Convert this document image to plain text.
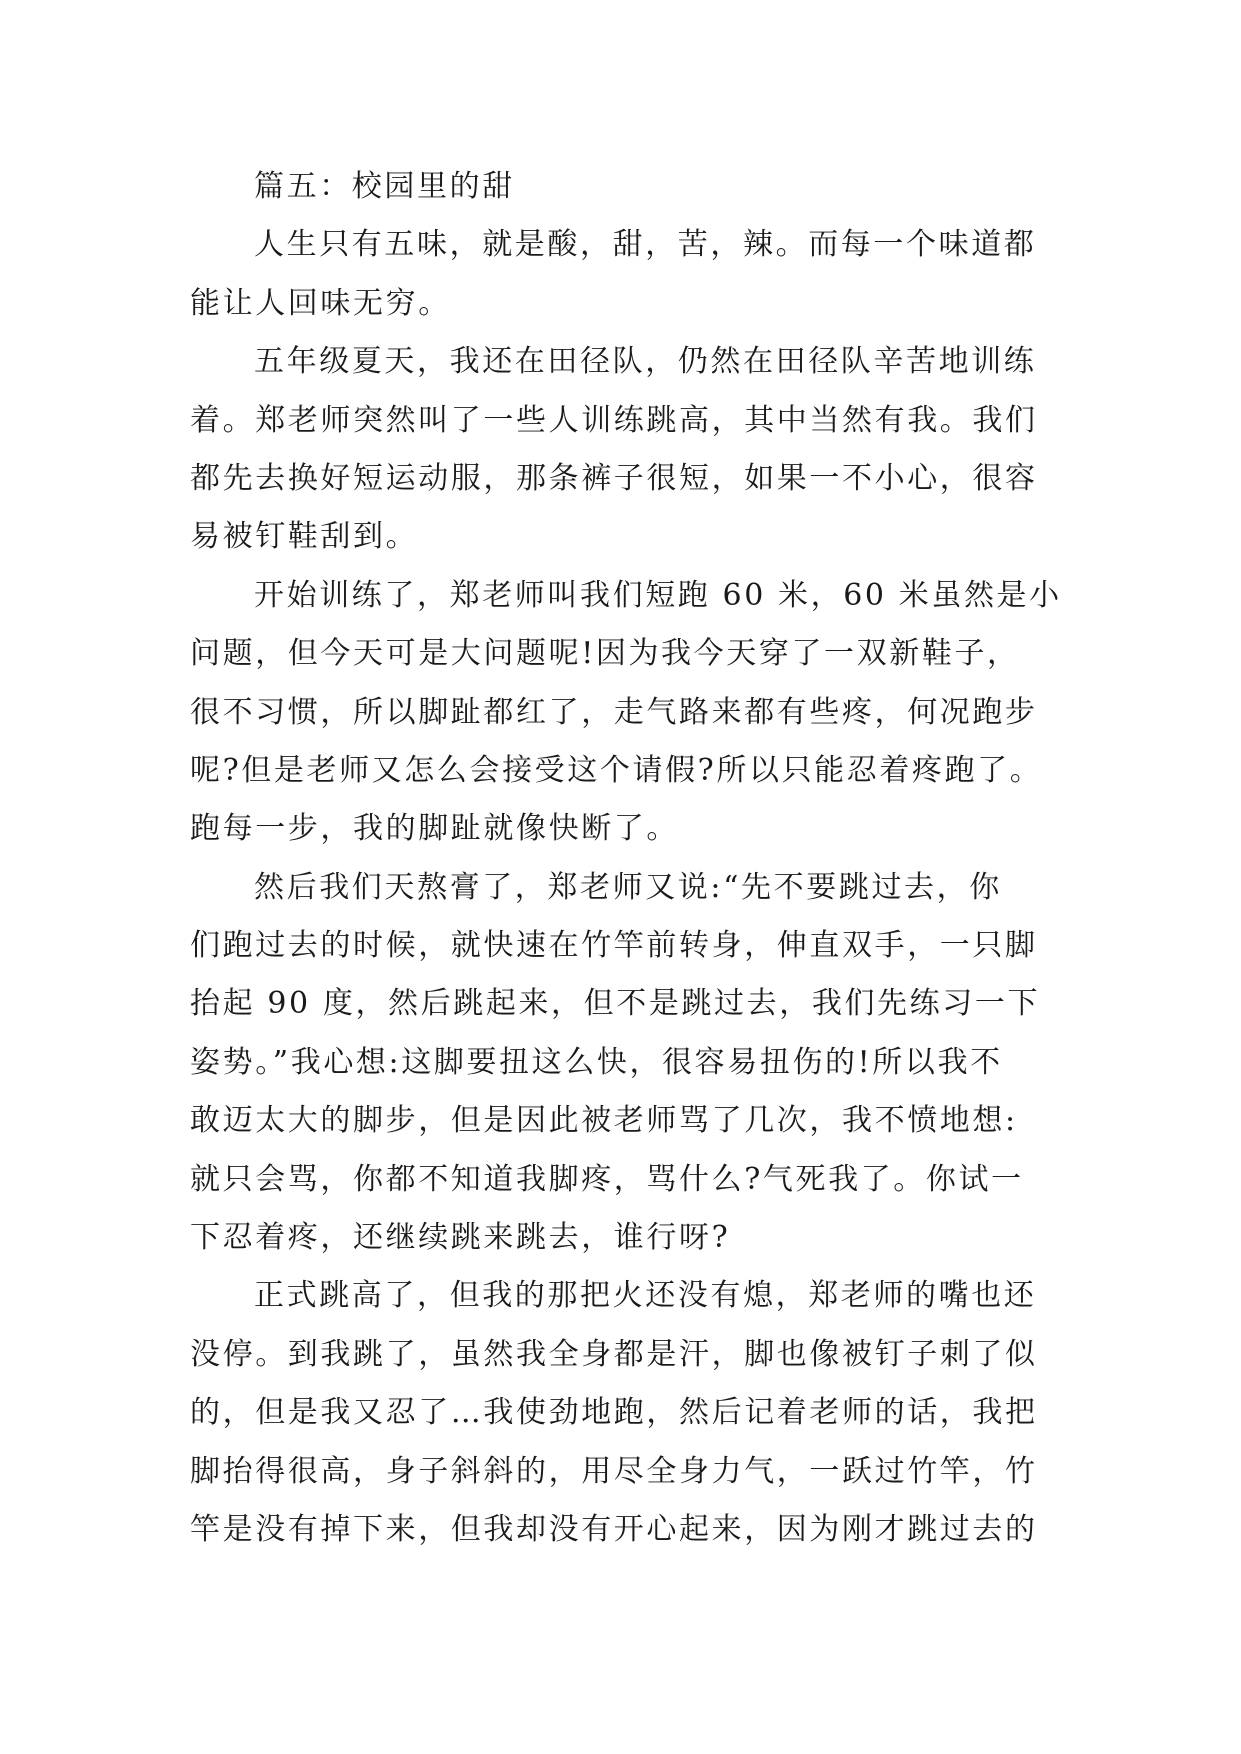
篇五：校园里的甜
人生只有五味，就是酸，甜，苦，辣。而每一个味道都
能让人回味无穷。
五年级夏天，我还在田径队，仍然在田径队辛苦地训练
着。郑老师突然叫了一些人训练跳高，其中当然有我。我们
都先去换好短运动服，那条裤子很短，如果一不小心，很容
易被钉鞋刮到。
开始训练了，郑老师叫我们短跑 60 米，60 米虽然是小
问题，但今天可是大问题呢!因为我今天穿了一双新鞋子，
很不习惯，所以脚趾都红了，走气路来都有些疼，何况跑步
呢?但是老师又怎么会接受这个请假?所以只能忍着疼跑了。
跑每一步，我的脚趾就像快断了。
然后我们天熬膏了，郑老师又说:“先不要跳过去，你
们跑过去的时候，就快速在竹竿前转身，伸直双手，一只脚
抬起 90 度，然后跳起来，但不是跳过去，我们先练习一下
姿势。”我心想:这脚要扭这么快，很容易扭伤的!所以我不
敢迈太大的脚步，但是因此被老师骂了几次，我不愤地想:
就只会骂，你都不知道我脚疼，骂什么?气死我了。你试一
下忍着疼，还继续跳来跳去，谁行呀?
正式跳高了，但我的那把火还没有熄，郑老师的嘴也还
没停。到我跳了，虽然我全身都是汗，脚也像被钉子刺了似
的，但是我又忍了…我使劲地跑，然后记着老师的话，我把
脚抬得很高，身子斜斜的，用尽全身力气，一跃过竹竿，竹
竿是没有掉下来，但我却没有开心起来，因为刚才跳过去的
